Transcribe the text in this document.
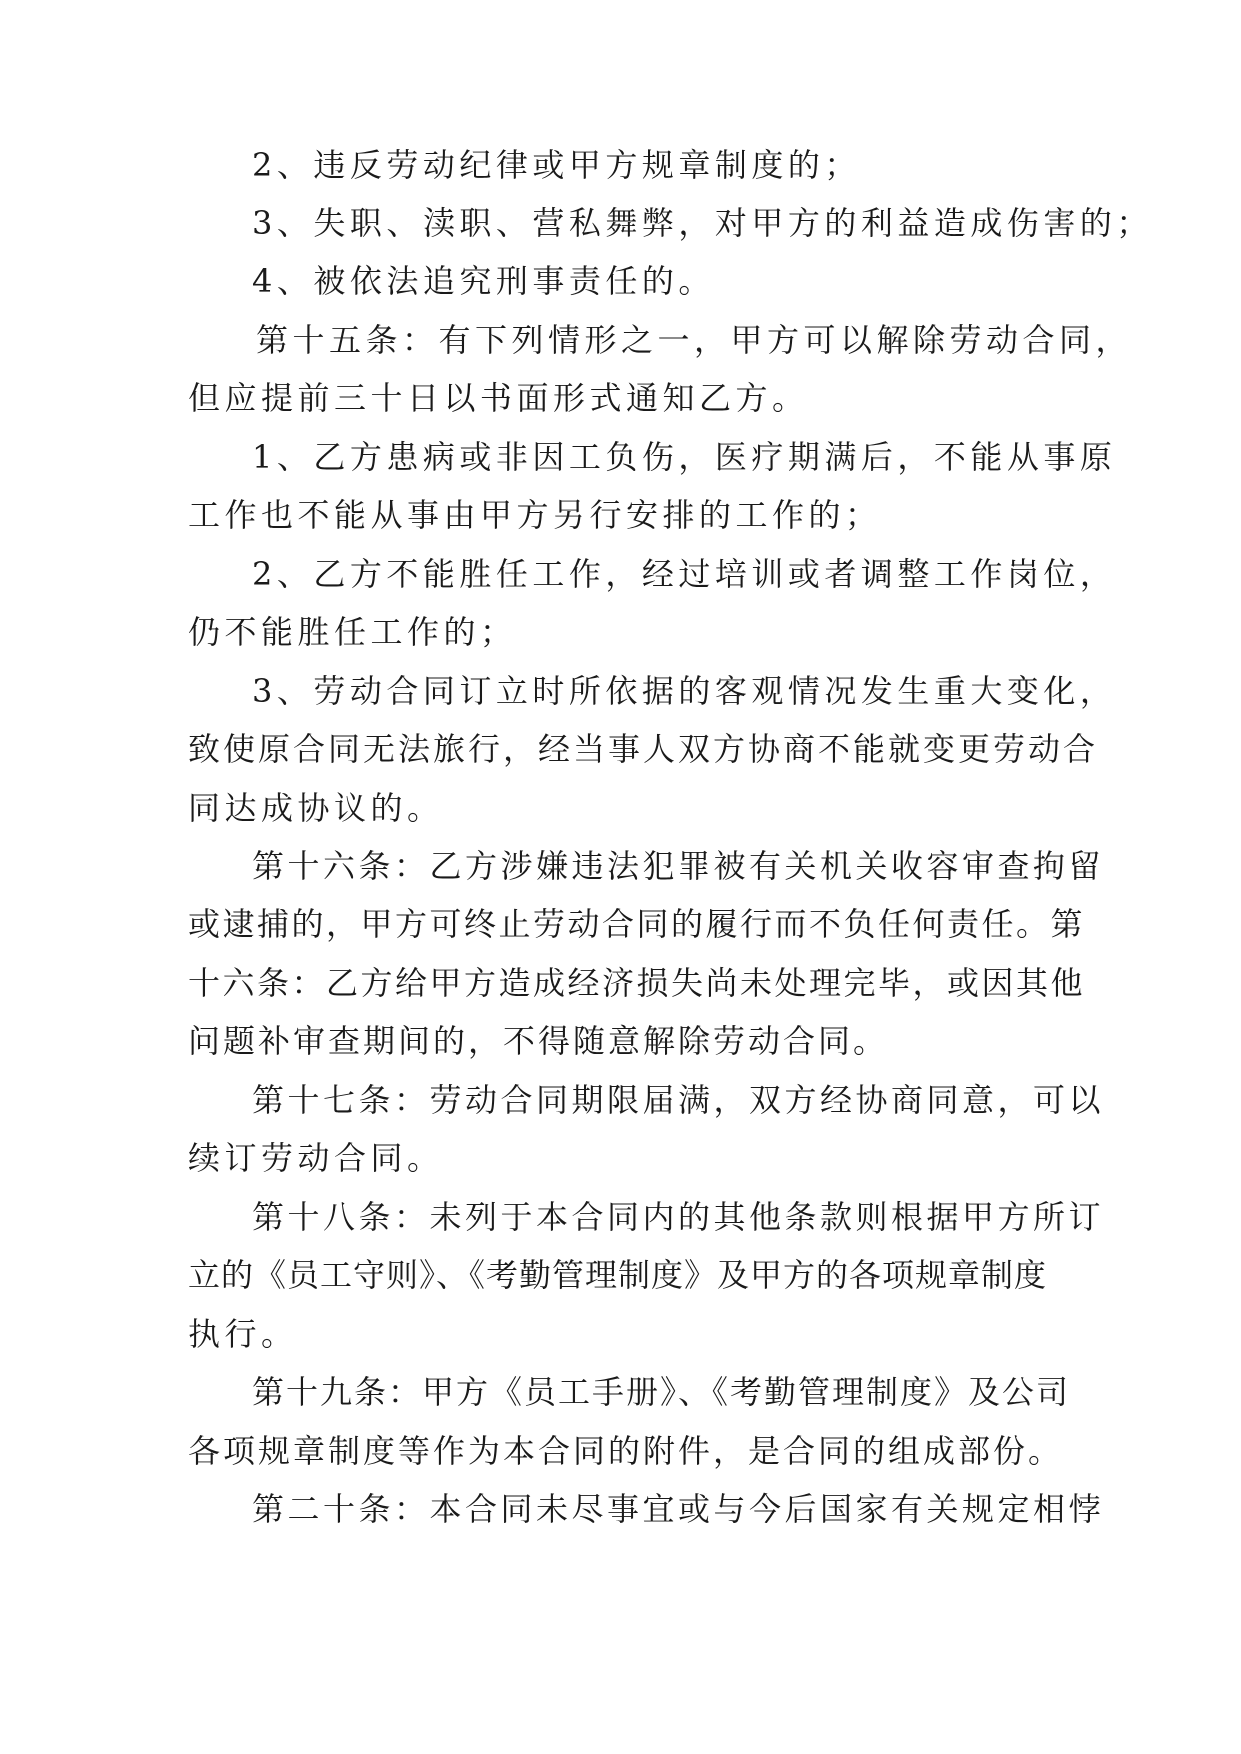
2、违反劳动纪律或甲方规章制度的；
3、失职、渎职、营私舞弊，对甲方的利益造成伤害的；
4、被依法追究刑事责任的。
第十五条：有下列情形之一，甲方可以解除劳动合同，
但应提前三十日以书面形式通知乙方。
1、乙方患病或非因工负伤，医疗期满后，不能从事原
工作也不能从事由甲方另行安排的工作的；
2、乙方不能胜任工作，经过培训或者调整工作岗位，
仍不能胜任工作的；
3、劳动合同订立时所依据的客观情况发生重大变化，
致使原合同无法旅行，经当事人双方协商不能就变更劳动合
同达成协议的。
第十六条：乙方涉嫌违法犯罪被有关机关收容审查拘留
或逮捕的，甲方可终止劳动合同的履行而不负任何责任。第
十六条：乙方给甲方造成经济损失尚未处理完毕，或因其他
问题补审查期间的，不得随意解除劳动合同。
第十七条：劳动合同期限届满，双方经协商同意，可以
续订劳动合同。
第十八条：未列于本合同内的其他条款则根据甲方所订
立的《员工守则》、《考勤管理制度》及甲方的各项规章制度
执行。
第十九条：甲方《员工手册》、《考勤管理制度》及公司
各项规章制度等作为本合同的附件，是合同的组成部份。
第二十条：本合同未尽事宜或与今后国家有关规定相悖
